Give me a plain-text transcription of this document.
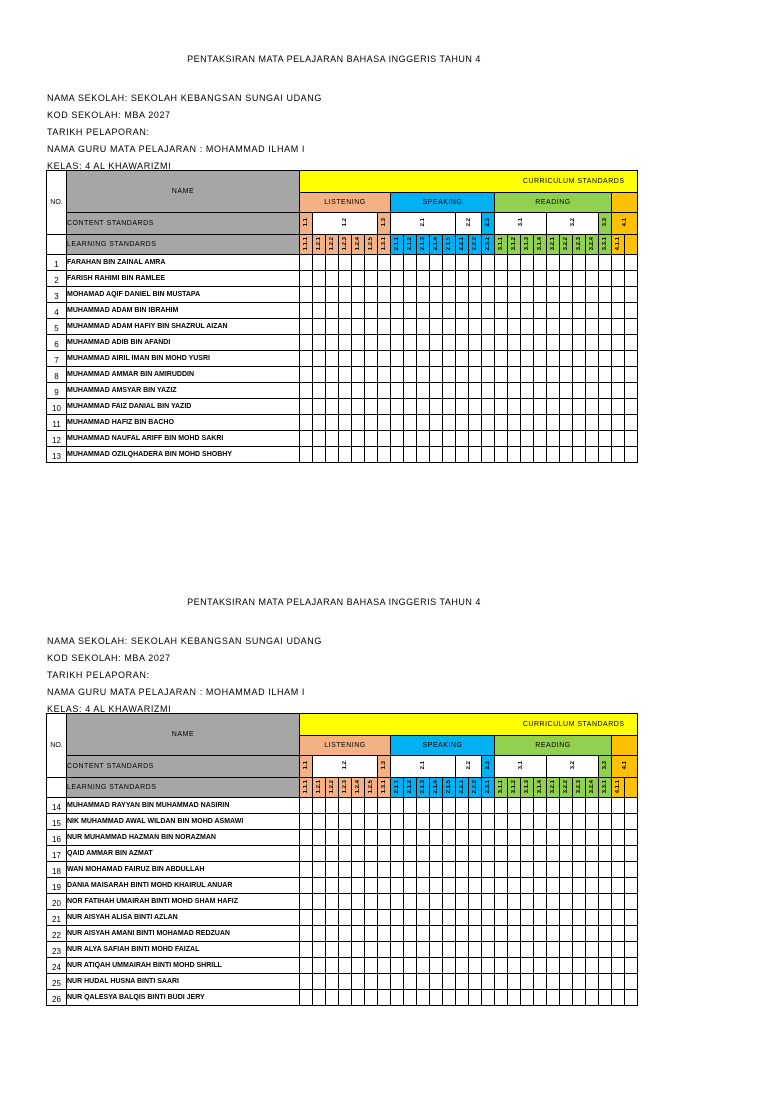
PENTAKSIRAN MATA PELAJARAN BAHASA INGGERIS TAHUN 4
NAMA SEKOLAH: SEKOLAH KEBANGSAN SUNGAI UDANG
KOD SEKOLAH: MBA 2027
TARIKH PELAPORAN:
NAMA GURU MATA PELAJARAN : MOHAMMAD ILHAM I
KELAS: 4 AL KHAWARIZMI
NO.	NAME	CURRICULUM STANDARDS																									
		LISTENING							SPEAKING								READING										
	CONTENT STANDARDS	1.1	1.2					1.3	2.1					2.2		2.3	3.1				3.2				3.3	4.1	
	LEARNING STANDARDS	1.1.1	1.2.1	1.2.2	1.2.3	1.2.4	1.2.5	1.3.1	2.1.1	2.1.2	2.1.3	2.1.4	2.1.5	2.2.1	2.2.2	2.3.1	3.1.1	3.1.2	3.1.3	3.1.4	3.2.1	3.2.2	3.2.3	3.2.4	3.3.1	4.1.1	
1	FARAHAN BIN ZAINAL AMRA																										
2	FARISH RAHIMI BIN RAMLEE																										
3	MOHAMAD AQIF DANIEL BIN MUSTAPA																										
4	MUHAMMAD ADAM BIN IBRAHIM																										
5	MUHAMMAD ADAM HAFIY BIN SHAZRUL AIZAN																										
6	MUHAMMAD ADIB BIN AFANDI																										
7	MUHAMMAD AIRIL IMAN BIN MOHD YUSRI																										
8	MUHAMMAD AMMAR BIN AMIRUDDIN																										
9	MUHAMMAD AMSYAR BIN YAZIZ																										
10	MUHAMMAD FAIZ DANIAL BIN YAZID																										
11	MUHAMMAD HAFIZ BIN BACHO																										
12	MUHAMMAD NAUFAL ARIFF BIN MOHD SAKRI																										
13	MUHAMMAD OZILQHADERA BIN MOHD SHOBHY																										
PENTAKSIRAN MATA PELAJARAN BAHASA INGGERIS TAHUN 4
NAMA SEKOLAH: SEKOLAH KEBANGSAN SUNGAI UDANG
KOD SEKOLAH: MBA 2027
TARIKH PELAPORAN:
NAMA GURU MATA PELAJARAN : MOHAMMAD ILHAM I
KELAS: 4 AL KHAWARIZMI
NO.	NAME	CURRICULUM STANDARDS																									
		LISTENING							SPEAKING								READING										
	CONTENT STANDARDS	1.1	1.2					1.3	2.1					2.2		2.3	3.1				3.2				3.3	4.1	
	LEARNING STANDARDS	1.1.1	1.2.1	1.2.2	1.2.3	1.2.4	1.2.5	1.3.1	2.1.1	2.1.2	2.1.3	2.1.4	2.1.5	2.2.1	2.2.2	2.3.1	3.1.1	3.1.2	3.1.3	3.1.4	3.2.1	3.2.2	3.2.3	3.2.4	3.3.1	4.1.1	
14	MUHAMMAD RAYYAN BIN MUHAMMAD NASIRIN																										
15	NIK MUHAMMAD AWAL WILDAN BIN MOHD ASMAWI																										
16	NUR MUHAMMAD HAZMAN BIN NORAZMAN																										
17	QAID AMMAR BIN AZMAT																										
18	WAN MOHAMAD FAIRUZ BIN ABDULLAH																										
19	DANIA MAISARAH BINTI MOHD KHAIRUL ANUAR																										
20	NOR FATIHAH UMAIRAH BINTI MOHD SHAM HAFIZ																										
21	NUR AISYAH ALISA BINTI AZLAN																										
22	NUR AISYAH AMANI BINTI MOHAMAD REDZUAN																										
23	NUR ALYA SAFIAH BINTI MOHD FAIZAL																										
24	NUR ATIQAH UMMAIRAH BINTI MOHD SHRILL																										
25	NUR HUDAL HUSNA BINTI SAARI																										
26	NUR QALESYA BALQIS BINTI BUDI JERY																										
